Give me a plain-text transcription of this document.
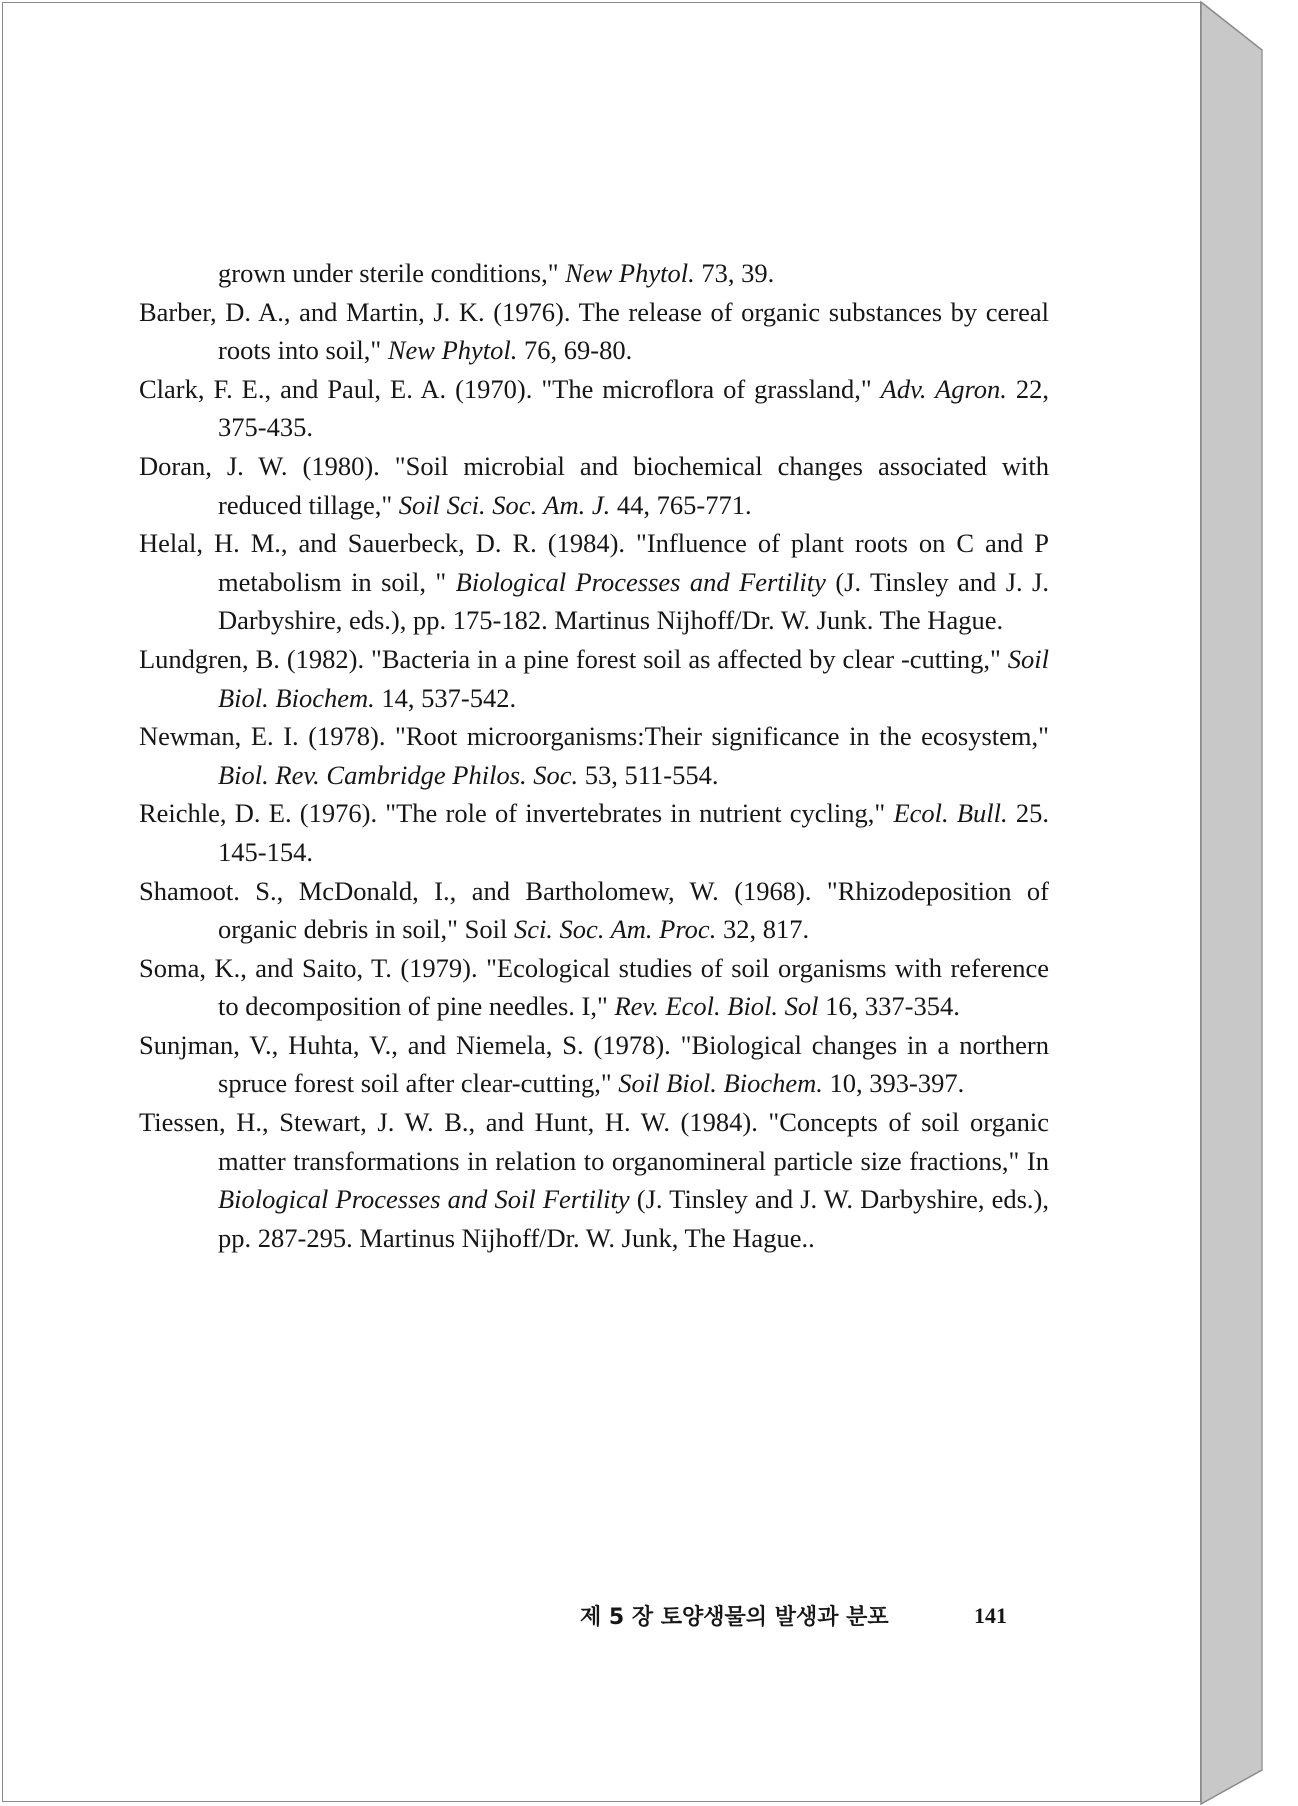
grown under sterile conditions," New Phytol. 73, 39.

Barber, D. A., and Martin, J. K. (1976). The release of organic substances by cereal roots into soil," New Phytol. 76, 69-80.

Clark, F. E., and Paul, E. A. (1970). "The microflora of grassland," Adv. Agron. 22, 375-435.

Doran, J. W. (1980). "Soil microbial and biochemical changes associated with reduced tillage," Soil Sci. Soc. Am. J. 44, 765-771.

Helal, H. M., and Sauerbeck, D. R. (1984). "Influence of plant roots on C and P metabolism in soil, " Biological Processes and Fertility (J. Tinsley and J. J. Darbyshire, eds.), pp. 175-182. Martinus Nijhoff/Dr. W. Junk. The Hague.

Lundgren, B. (1982). "Bacteria in a pine forest soil as affected by clear -cutting," Soil Biol. Biochem. 14, 537-542.

Newman, E. I. (1978). "Root microorganisms:Their significance in the ecosystem," Biol. Rev. Cambridge Philos. Soc. 53, 511-554.

Reichle, D. E. (1976). "The role of invertebrates in nutrient cycling," Ecol. Bull. 25. 145-154.

Shamoot. S., McDonald, I., and Bartholomew, W. (1968). "Rhizodeposition of organic debris in soil," Soil Sci. Soc. Am. Proc. 32, 817.

Soma, K., and Saito, T. (1979). "Ecological studies of soil organisms with reference to decomposition of pine needles. I," Rev. Ecol. Biol. Sol 16, 337-354.

Sunjman, V., Huhta, V., and Niemela, S. (1978). "Biological changes in a northern spruce forest soil after clear-cutting," Soil Biol. Biochem. 10, 393-397.

Tiessen, H., Stewart, J. W. B., and Hunt, H. W. (1984). "Concepts of soil organic matter transformations in relation to organomineral particle size fractions," In Biological Processes and Soil Fertility (J. Tinsley and J. W. Darbyshire, eds.), pp. 287-295. Martinus Nijhoff/Dr. W. Junk, The Hague..

제 5 장 토양생물의 발생과 분포	141
